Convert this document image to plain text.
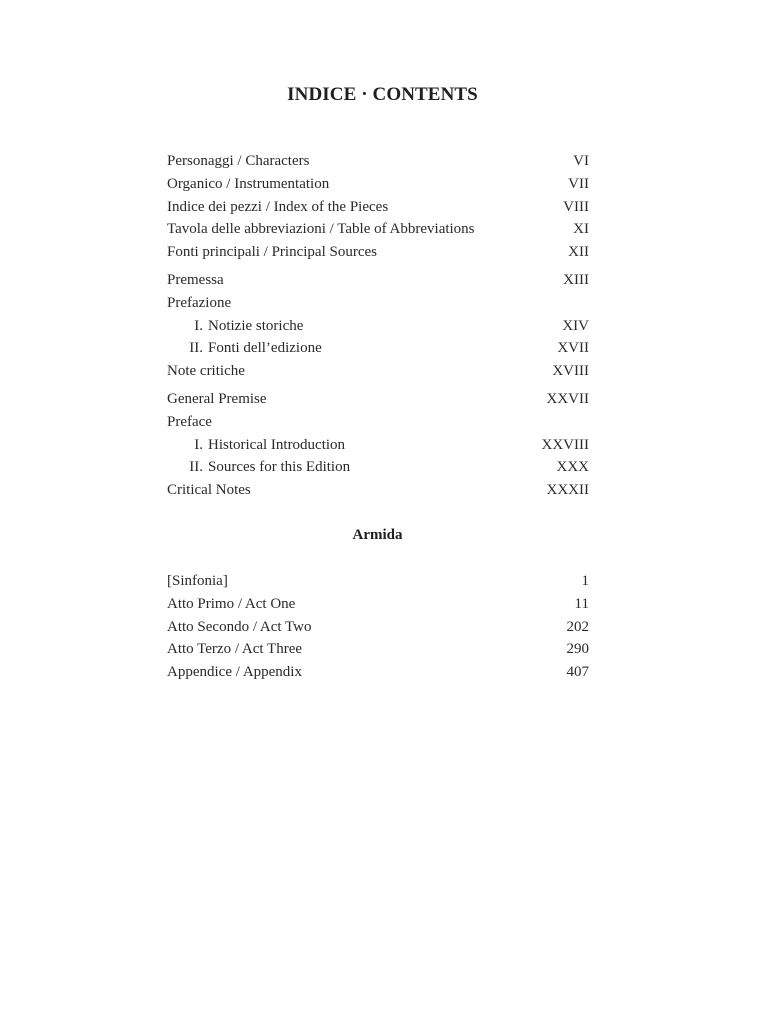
INDICE · CONTENTS
Personaggi / Characters	VI
Organico / Instrumentation	VII
Indice dei pezzi / Index of the Pieces	VIII
Tavola delle abbreviazioni / Table of Abbreviations	XI
Fonti principali / Principal Sources	XII
Premessa	XIII
Prefazione
I. Notizie storiche	XIV
II. Fonti dell’edizione	XVII
Note critiche	XVIII
General Premise	XXVII
Preface
I. Historical Introduction	XXVIII
II. Sources for this Edition	XXX
Critical Notes	XXXII
Armida
[Sinfonia]	1
Atto Primo / Act One	11
Atto Secondo / Act Two	202
Atto Terzo / Act Three	290
Appendice / Appendix	407
